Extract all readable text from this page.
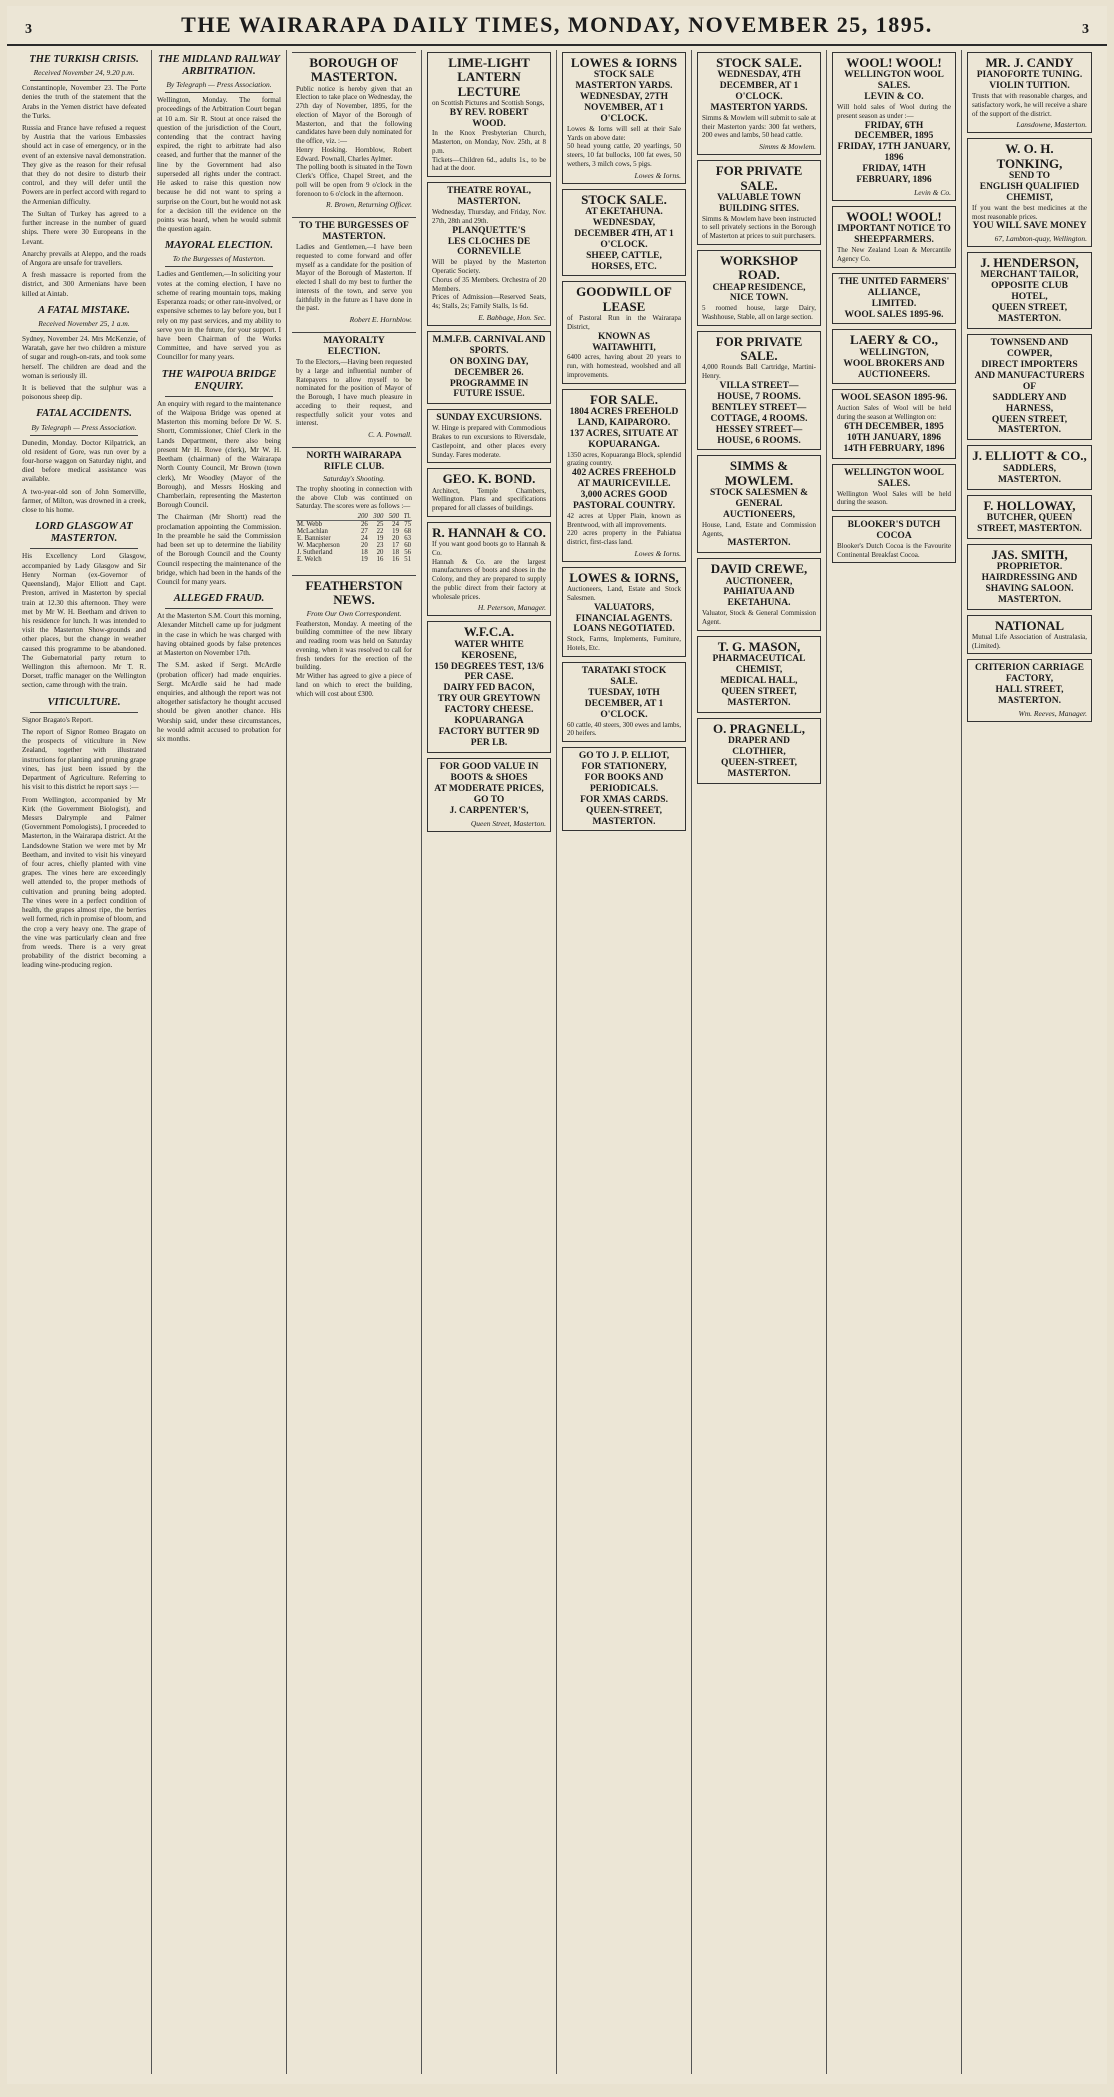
3	THE WAIRARAPA DAILY TIMES, MONDAY, NOVEMBER 25, 1895.	3
THE TURKISH CRISIS.
Received November 24, 9.20 p.m.

Constantinople, November 23. The Porte denies the truth of the statement that the Arabs in the Yemen district have defeated the Turks.

Russia and France have refused a request by Austria that the various Embassies should act in case of emergency, or in the event of an extensive naval demonstration. They give as the reason for their refusal that they do not desire to disturb their control, and they will defer until the Powers are in perfect accord with regard to the Armenian difficulty.

The Sultan of Turkey has agreed to a further increase in the number of guard ships. There were 30 Europeans in the Levant.

Anarchy prevails at Aleppo, and the roads of Angora are unsafe for travellers.

A fresh massacre is reported from the district, and 300 Armenians have been killed at Aintab.

A FATAL MISTAKE.
Received November 25, 1 a.m.

Sydney, November 24. Mrs McKenzie, of Waratah, gave her two children a mixture of sugar and rough-on-rats, and took some herself. The children are dead and the woman is seriously ill.

It is believed that the sulphur was a poisonous sheep dip.

FATAL ACCIDENTS.
By Telegraph — Press Association.

Dunedin, Monday. Doctor Kilpatrick, an old resident of Gore, was run over by a four-horse waggon on Saturday night, and died before medical assistance was available.

A two-year-old son of John Somerville, farmer, of Milton, was drowned in a creek, close to his home.

LORD GLASGOW AT MASTERTON.

His Excellency Lord Glasgow, accompanied by Lady Glasgow and Sir Henry Norman (ex-Governor of Queensland), Major Elliott and Capt. Preston, arrived in Masterton by special train at 12.30 this afternoon. They were met by Mr W. H. Beetham and driven to his residence for lunch. It was intended to visit the Masterton Show-grounds and other places, but the change in weather caused this programme to be abandoned. The Gubernatorial party return to Wellington this afternoon. Mr T. R. Dorset, traffic manager on the Wellington section, came through with the train.

VITICULTURE.

Signor Bragato's Report.

The report of Signor Romeo Bragato on the prospects of viticulture in New Zealand, together with illustrated instructions for planting and pruning grape vines, has just been issued by the Department of Agriculture. Referring to his visit to this district he report says :—

From Wellington, accompanied by Mr Kirk (the Government Biologist), and Messrs Dalrymple and Palmer (Government Pomologists), I proceeded to Masterton, in the Wairarapa district. At the Landsdowne Station we were met by Mr Beetham, and invited to visit his vineyard of four acres, chiefly planted with vine grapes. The vines here are exceedingly well attended to, the proper methods of cultivation and pruning being adopted. The vines were in a perfect condition of health, the grapes almost ripe, the berries well formed, rich in promise of bloom, and the crop a very heavy one. The grape of the vine was particularly clean and free from weeds. There is a very great probability of the district becoming a leading wine-producing region.

THE MIDLAND RAILWAY ARBITRATION.
By Telegraph — Press Association.

Wellington, Monday. The formal proceedings of the Arbitration Court began at 10 a.m. Sir R. Stout at once raised the question of the jurisdiction of the Court, contending that the contract having expired, the right to arbitrate had also ceased, and further that the manner of the line by the Government had also superseded all rights under the contract. He asked to raise this question now because he did not want to spring a surprise on the Court, but he would not ask for a decision till the evidence on the points was heard, when he would submit the question again.

MAYORAL ELECTION.
To the Burgesses of Masterton.

Ladies and Gentlemen,—In soliciting your votes at the coming election, I have no scheme of rearing mountain tops, making Esperanza roads; or other rate-involved, or expensive schemes to lay before you, but I rely on my past services, and my ability to serve you in the future, for your support. I have been Chairman of the Works Committee, and have served you as Councillor for many years.

THE WAIPOUA BRIDGE ENQUIRY.

An enquiry with regard to the maintenance of the Waipoua Bridge was opened at Masterton this morning before Dr W. S. Shortt, Commissioner, Chief Clerk in the Lands Department, there also being present Mr H. Rowe (clerk), Mr W. H. Beetham (chairman) of the Wairarapa North County Council, Mr Brown (town clerk), Mr Woodley (Mayor of the Borough), and Messrs Hosking and Chamberlain, representing the Masterton Borough Council.

The Chairman (Mr Shortt) read the proclamation appointing the Commission. In the preamble he said the Commission had been set up to determine the liability of the Borough Council and the County Council respecting the maintenance of the bridge, which had been in the hands of the Council for many years.

ALLEGED FRAUD.

At the Masterton S.M. Court this morning, Alexander Mitchell came up for judgment in the case in which he was charged with having obtained goods by false pretences at Masterton on November 17th.

The S.M. asked if Sergt. McArdle (probation officer) had made enquiries. Sergt. McArdle said he had made enquiries, and although the report was not altogether satisfactory he thought accused should be given another chance. His Worship said, under these circumstances, he would admit accused to probation for six months.

BOROUGH OF MASTERTON.
Public notice is hereby given that an Election to take place on Wednesday, the 27th day of November, 1895, for the election of Mayor of the Borough of Masterton, and that the following candidates have been duly nominated for the office, viz. :—
Henry Hosking. Hornblow, Robert Edward. Pownall, Charles Aylmer.
The polling booth is situated in the Town Clerk's Office, Chapel Street, and the poll will be open from 9 o'clock in the forenoon to 6 o'clock in the afternoon.
R. Brown, Returning Officer.
TO THE BURGESSES OF MASTERTON.
Ladies and Gentlemen,—I have been requested to come forward and offer myself as a candidate for the position of Mayor of the Borough of Masterton. If elected I shall do my best to further the interests of the town, and serve you faithfully in the future as I have done in the past.
Robert E. Hornblow.
MAYORALTY ELECTION.
To the Electors,—Having been requested by a large and influential number of Ratepayers to allow myself to be nominated for the position of Mayor of the Borough, I have much pleasure in acceding to their request, and respectfully solicit your votes and interest.
C. A. Pownall.
NORTH WAIRARAPA RIFLE CLUB.
Saturday's Shooting.
The trophy shooting in connection with the above Club was continued on Saturday. The scores were as follows :—
	200	300	500	Tl.
M. Webb	26	25	24	75
McLachlan	27	22	19	68
E. Bannister	24	19	20	63
W. Macpherson	20	23	17	60
J. Sutherland	18	20	18	56
E. Welch	19	16	16	51
FEATHERSTON NEWS.
From Our Own Correspondent.
Featherston, Monday. A meeting of the building committee of the new library and reading room was held on Saturday evening, when it was resolved to call for fresh tenders for the erection of the building.
Mr Wither has agreed to give a piece of land on which to erect the building, which will cost about £300.
LIME-LIGHT LANTERN LECTURE
on Scottish Pictures and Scottish Songs,
BY REV. ROBERT WOOD.
In the Knox Presbyterian Church, Masterton, on Monday, Nov. 25th, at 8 p.m.
Tickets—Children 6d., adults 1s., to be had at the door.
THEATRE ROYAL, MASTERTON.
Wednesday, Thursday, and Friday, Nov. 27th, 28th and 29th.
PLANQUETTE'S
LES CLOCHES DE CORNEVILLE
Will be played by the Masterton Operatic Society.
Chorus of 35 Members. Orchestra of 20 Members.
Prices of Admission—Reserved Seats, 4s; Stalls, 2s; Family Stalls, 1s 6d.
E. Babbage, Hon. Sec.
M.M.F.B. CARNIVAL AND SPORTS.
ON BOXING DAY, DECEMBER 26.
PROGRAMME IN FUTURE ISSUE.
SUNDAY EXCURSIONS.
W. Hinge is prepared with Commodious Brakes to run excursions to Riversdale, Castlepoint, and other places every Sunday. Fares moderate.
GEO. K. BOND.
Architect, Temple Chambers, Wellington. Plans and specifications prepared for all classes of buildings.
R. HANNAH & CO.
If you want good boots go to Hannah & Co.
Hannah & Co. are the largest manufacturers of boots and shoes in the Colony, and they are prepared to supply the public direct from their factory at wholesale prices.
H. Peterson, Manager.
W.F.C.A.
WATER WHITE KEROSENE,
150 DEGREES TEST, 13/6 PER CASE.
DAIRY FED BACON,
TRY OUR GREYTOWN FACTORY CHEESE.
KOPUARANGA FACTORY BUTTER 9D PER LB.
FOR GOOD VALUE IN BOOTS & SHOES
AT MODERATE PRICES, GO TO
J. CARPENTER'S,
Queen Street, Masterton.
LOWES & IORNS
STOCK SALE
MASTERTON YARDS.
WEDNESDAY, 27TH NOVEMBER, AT 1 O'CLOCK.
Lowes & Iorns will sell at their Sale Yards on above date:
50 head young cattle, 20 yearlings, 50 steers, 10 fat bullocks, 100 fat ewes, 50 wethers, 3 milch cows, 5 pigs.
Lowes & Iorns.
STOCK SALE.
AT EKETAHUNA.
WEDNESDAY, DECEMBER 4TH, AT 1 O'CLOCK.
SHEEP, CATTLE, HORSES, ETC.
GOODWILL OF LEASE
of Pastoral Run in the Wairarapa District,
KNOWN AS WAITAWHITI,
6400 acres, having about 20 years to run, with homestead, woolshed and all improvements.
FOR SALE.
1804 ACRES FREEHOLD LAND, KAIPARORO.
137 ACRES, SITUATE AT KOPUARANGA.
1350 acres, Kopuaranga Block, splendid grazing country.
402 ACRES FREEHOLD AT MAURICEVILLE.
3,000 ACRES GOOD PASTORAL COUNTRY.
42 acres at Upper Plain, known as Brentwood, with all improvements.
220 acres property in the Pahiatua district, first-class land.
Lowes & Iorns.
LOWES & IORNS,
Auctioneers, Land, Estate and Stock Salesmen.
VALUATORS, FINANCIAL AGENTS.
LOANS NEGOTIATED.
Stock, Farms, Implements, Furniture, Hotels, Etc.
TARATAKI STOCK SALE.
TUESDAY, 10TH DECEMBER, AT 1 O'CLOCK.
60 cattle, 40 steers, 300 ewes and lambs, 20 heifers.
GO TO J. P. ELLIOT,
FOR STATIONERY,
FOR BOOKS AND PERIODICALS.
FOR XMAS CARDS.
QUEEN-STREET, MASTERTON.
STOCK SALE.
WEDNESDAY, 4TH DECEMBER, AT 1 O'CLOCK.
MASTERTON YARDS.
Simms & Mowlem will submit to sale at their Masterton yards: 300 fat wethers, 200 ewes and lambs, 50 head cattle.
Simms & Mowlem.
FOR PRIVATE SALE.
VALUABLE TOWN BUILDING SITES.
Simms & Mowlem have been instructed to sell privately sections in the Borough of Masterton at prices to suit purchasers.
WORKSHOP ROAD.
CHEAP RESIDENCE, NICE TOWN.
5 roomed house, large Dairy, Washhouse, Stable, all on large section.
FOR PRIVATE SALE.
4,000 Rounds Ball Cartridge, Martini-Henry.
VILLA STREET—HOUSE, 7 ROOMS.
BENTLEY STREET—COTTAGE, 4 ROOMS.
HESSEY STREET—HOUSE, 6 ROOMS.
SIMMS & MOWLEM.
STOCK SALESMEN & GENERAL AUCTIONEERS,
House, Land, Estate and Commission Agents,
MASTERTON.
DAVID CREWE,
AUCTIONEER,
PAHIATUA AND EKETAHUNA.
Valuator, Stock & General Commission Agent.
T. G. MASON,
PHARMACEUTICAL CHEMIST,
MEDICAL HALL,
QUEEN STREET, MASTERTON.
O. PRAGNELL,
DRAPER AND CLOTHIER,
QUEEN-STREET, MASTERTON.
WOOL! WOOL!
WELLINGTON WOOL SALES.
LEVIN & CO.
Will hold sales of Wool during the present season as under :—
FRIDAY, 6TH DECEMBER, 1895
FRIDAY, 17TH JANUARY, 1896
FRIDAY, 14TH FEBRUARY, 1896
Levin & Co.
WOOL! WOOL!
IMPORTANT NOTICE TO SHEEPFARMERS.
The New Zealand Loan & Mercantile Agency Co.
THE UNITED FARMERS' ALLIANCE,
LIMITED.
WOOL SALES 1895-96.
LAERY & CO.,
WELLINGTON,
WOOL BROKERS AND AUCTIONEERS.
WOOL SEASON 1895-96.
Auction Sales of Wool will be held during the season at Wellington on:
6TH DECEMBER, 1895
10TH JANUARY, 1896
14TH FEBRUARY, 1896
WELLINGTON WOOL SALES.
Wellington Wool Sales will be held during the season.
BLOOKER'S DUTCH COCOA
Blooker's Dutch Cocoa is the Favourite Continental Breakfast Cocoa.
MR. J. CANDY
PIANOFORTE TUNING.
VIOLIN TUITION.
Trusts that with reasonable charges, and satisfactory work, he will receive a share of the support of the district.
Lansdowne, Masterton.
W. O. H. TONKING,
SEND TO
ENGLISH QUALIFIED CHEMIST,
If you want the best medicines at the most reasonable prices.
YOU WILL SAVE MONEY
67, Lambton-quay, Wellington.
J. HENDERSON,
MERCHANT TAILOR,
OPPOSITE CLUB HOTEL,
QUEEN STREET, MASTERTON.
TOWNSEND AND COWPER,
DIRECT IMPORTERS AND MANUFACTURERS OF
SADDLERY AND HARNESS,
QUEEN STREET, MASTERTON.
J. ELLIOTT & CO.,
SADDLERS, MASTERTON.
F. HOLLOWAY,
BUTCHER, QUEEN STREET, MASTERTON.
JAS. SMITH,
PROPRIETOR.
HAIRDRESSING AND SHAVING SALOON.
MASTERTON.
NATIONAL
Mutual Life Association of Australasia, (Limited).
CRITERION CARRIAGE FACTORY,
HALL STREET, MASTERTON.
Wm. Reeves, Manager.
